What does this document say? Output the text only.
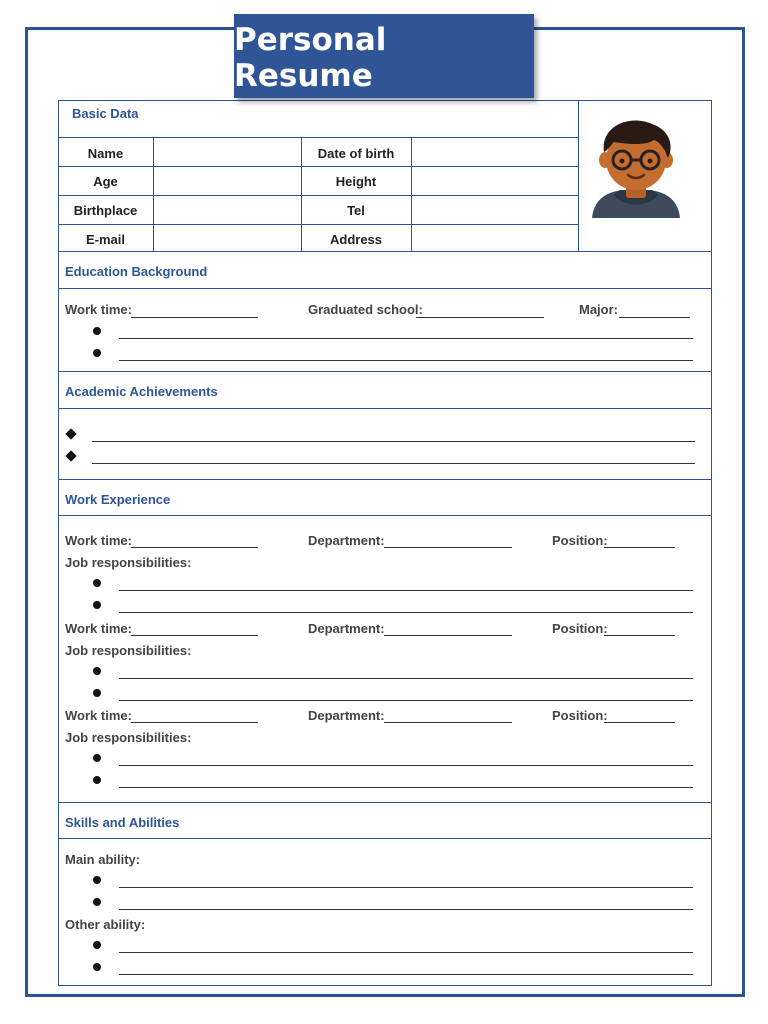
Personal Resume
Basic Data
Name	Date of birth
Age	Height
Birthplace	Tel
E-mail	Address
Education Background
Work time:	Graduated school:	Major:
Academic Achievements
Work Experience
Work time:	Department:	Position:
Job responsibilities:
Work time:	Department:	Position:
Job responsibilities:
Work time:	Department:	Position:
Job responsibilities:
Skills and Abilities
Main ability:
Other ability:
